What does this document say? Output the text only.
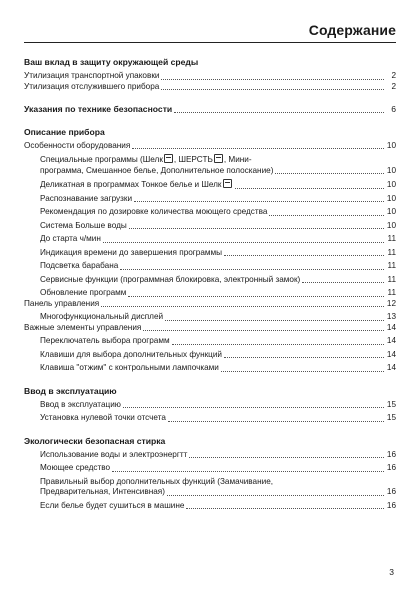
Содержание
Ваш вклад в защиту окружающей среды
Утилизация транспортной упаковки	2
Утилизация отслужившего прибора	2
Указания по технике безопасности	6
Описание прибора
Особенности оборудования	10
Специальные программы (Шелк , ШЕРСТЬ , Мини-
программа, Смешанное белье, Дополнительное полоскание)	10
Деликатная в программах Тонкое белье и Шелк	10
Распознавание загрузки	10
Рекомендация по дозировке количества моющего средства	10
Система Больше воды	10
До старта ч/мин	11
Индикация времени до завершения программы	11
Подсветка барабана	11
Сервисные функции (программная блокировка, электронный замок)	11
Обновление программ	11
Панель управления	12
Многофункциональный дисплей	13
Важные элементы управления	14
Переключатель выбора программ	14
Клавиши для выбора дополнительных функций	14
Клавиша "отжим" с контрольными лампочками	14
Ввод в эксплуатацию
Ввод в эксплуатацию	15
Установка нулевой точки отсчета	15
Экологически безопасная стирка
Использование воды и электроэнергтт	16
Моющее средство	16
Правильный выбор дополнительных функций (Замачивание,
Предварительная, Интенсивная)	16
Если белье будет сушиться в машине	16
3
